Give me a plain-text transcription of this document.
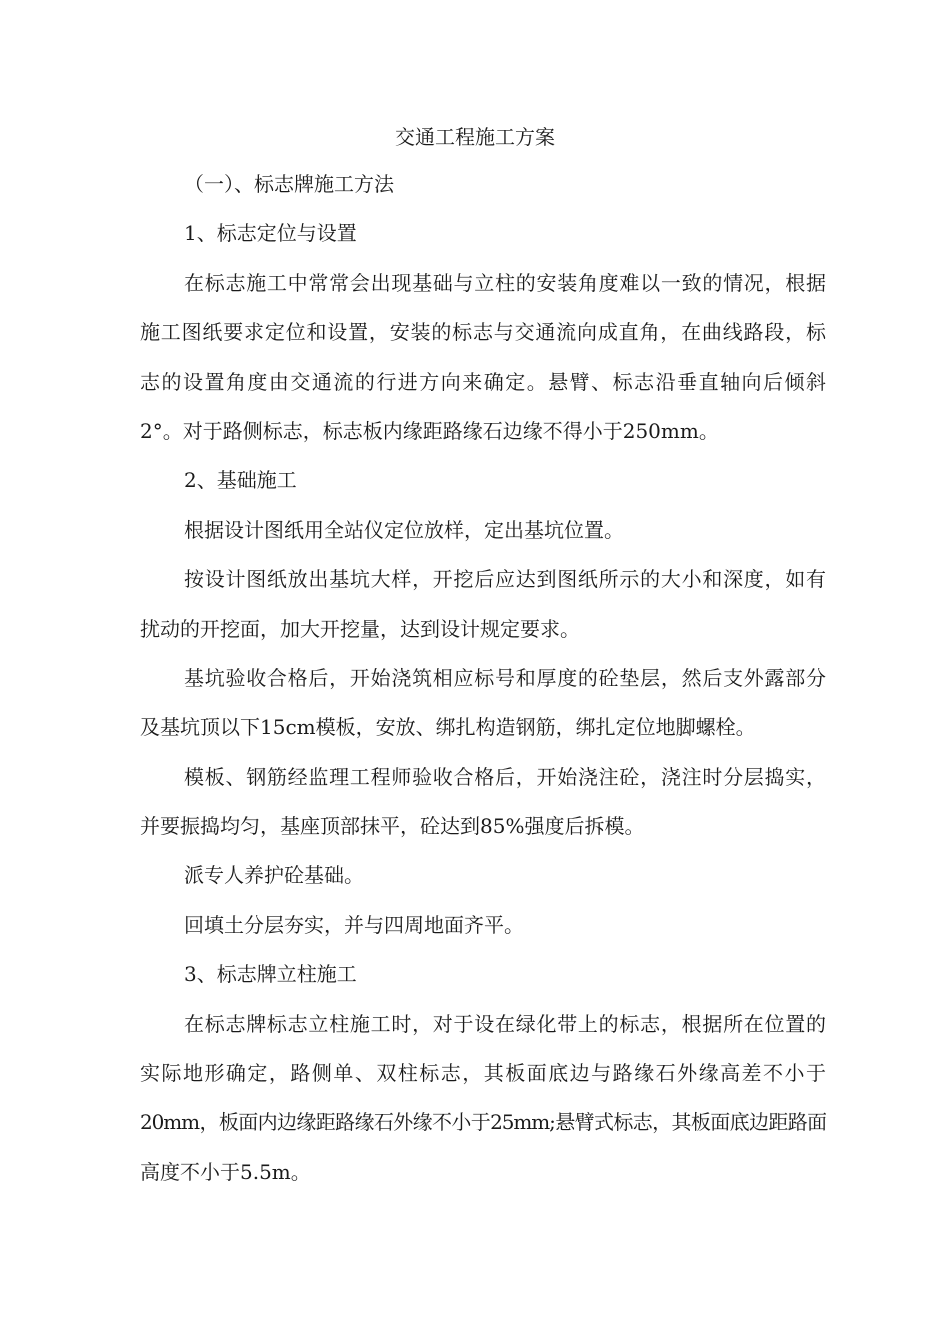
交通工程施工方案
（一）、标志牌施工方法
1、标志定位与设置
在标志施工中常常会出现基础与立柱的安装角度难以一致的情况，根据
施工图纸要求定位和设置，安装的标志与交通流向成直角，在曲线路段，标
志的设置角度由交通流的行进方向来确定。悬臂、标志沿垂直轴向后倾斜
2°。对于路侧标志，标志板内缘距路缘石边缘不得小于250mm。
2、基础施工
根据设计图纸用全站仪定位放样，定出基坑位置。
按设计图纸放出基坑大样，开挖后应达到图纸所示的大小和深度，如有
扰动的开挖面，加大开挖量，达到设计规定要求。
基坑验收合格后，开始浇筑相应标号和厚度的砼垫层，然后支外露部分
及基坑顶以下15cm模板，安放、绑扎构造钢筋，绑扎定位地脚螺栓。
模板、钢筋经监理工程师验收合格后，开始浇注砼，浇注时分层捣实，
并要振捣均匀，基座顶部抹平，砼达到85%强度后拆模。
派专人养护砼基础。
回填土分层夯实，并与四周地面齐平。
3、标志牌立柱施工
在标志牌标志立柱施工时，对于设在绿化带上的标志，根据所在位置的
实际地形确定，路侧单、双柱标志，其板面底边与路缘石外缘高差不小于
20mm，板面内边缘距路缘石外缘不小于25mm;悬臂式标志，其板面底边距路面
高度不小于5.5m。
